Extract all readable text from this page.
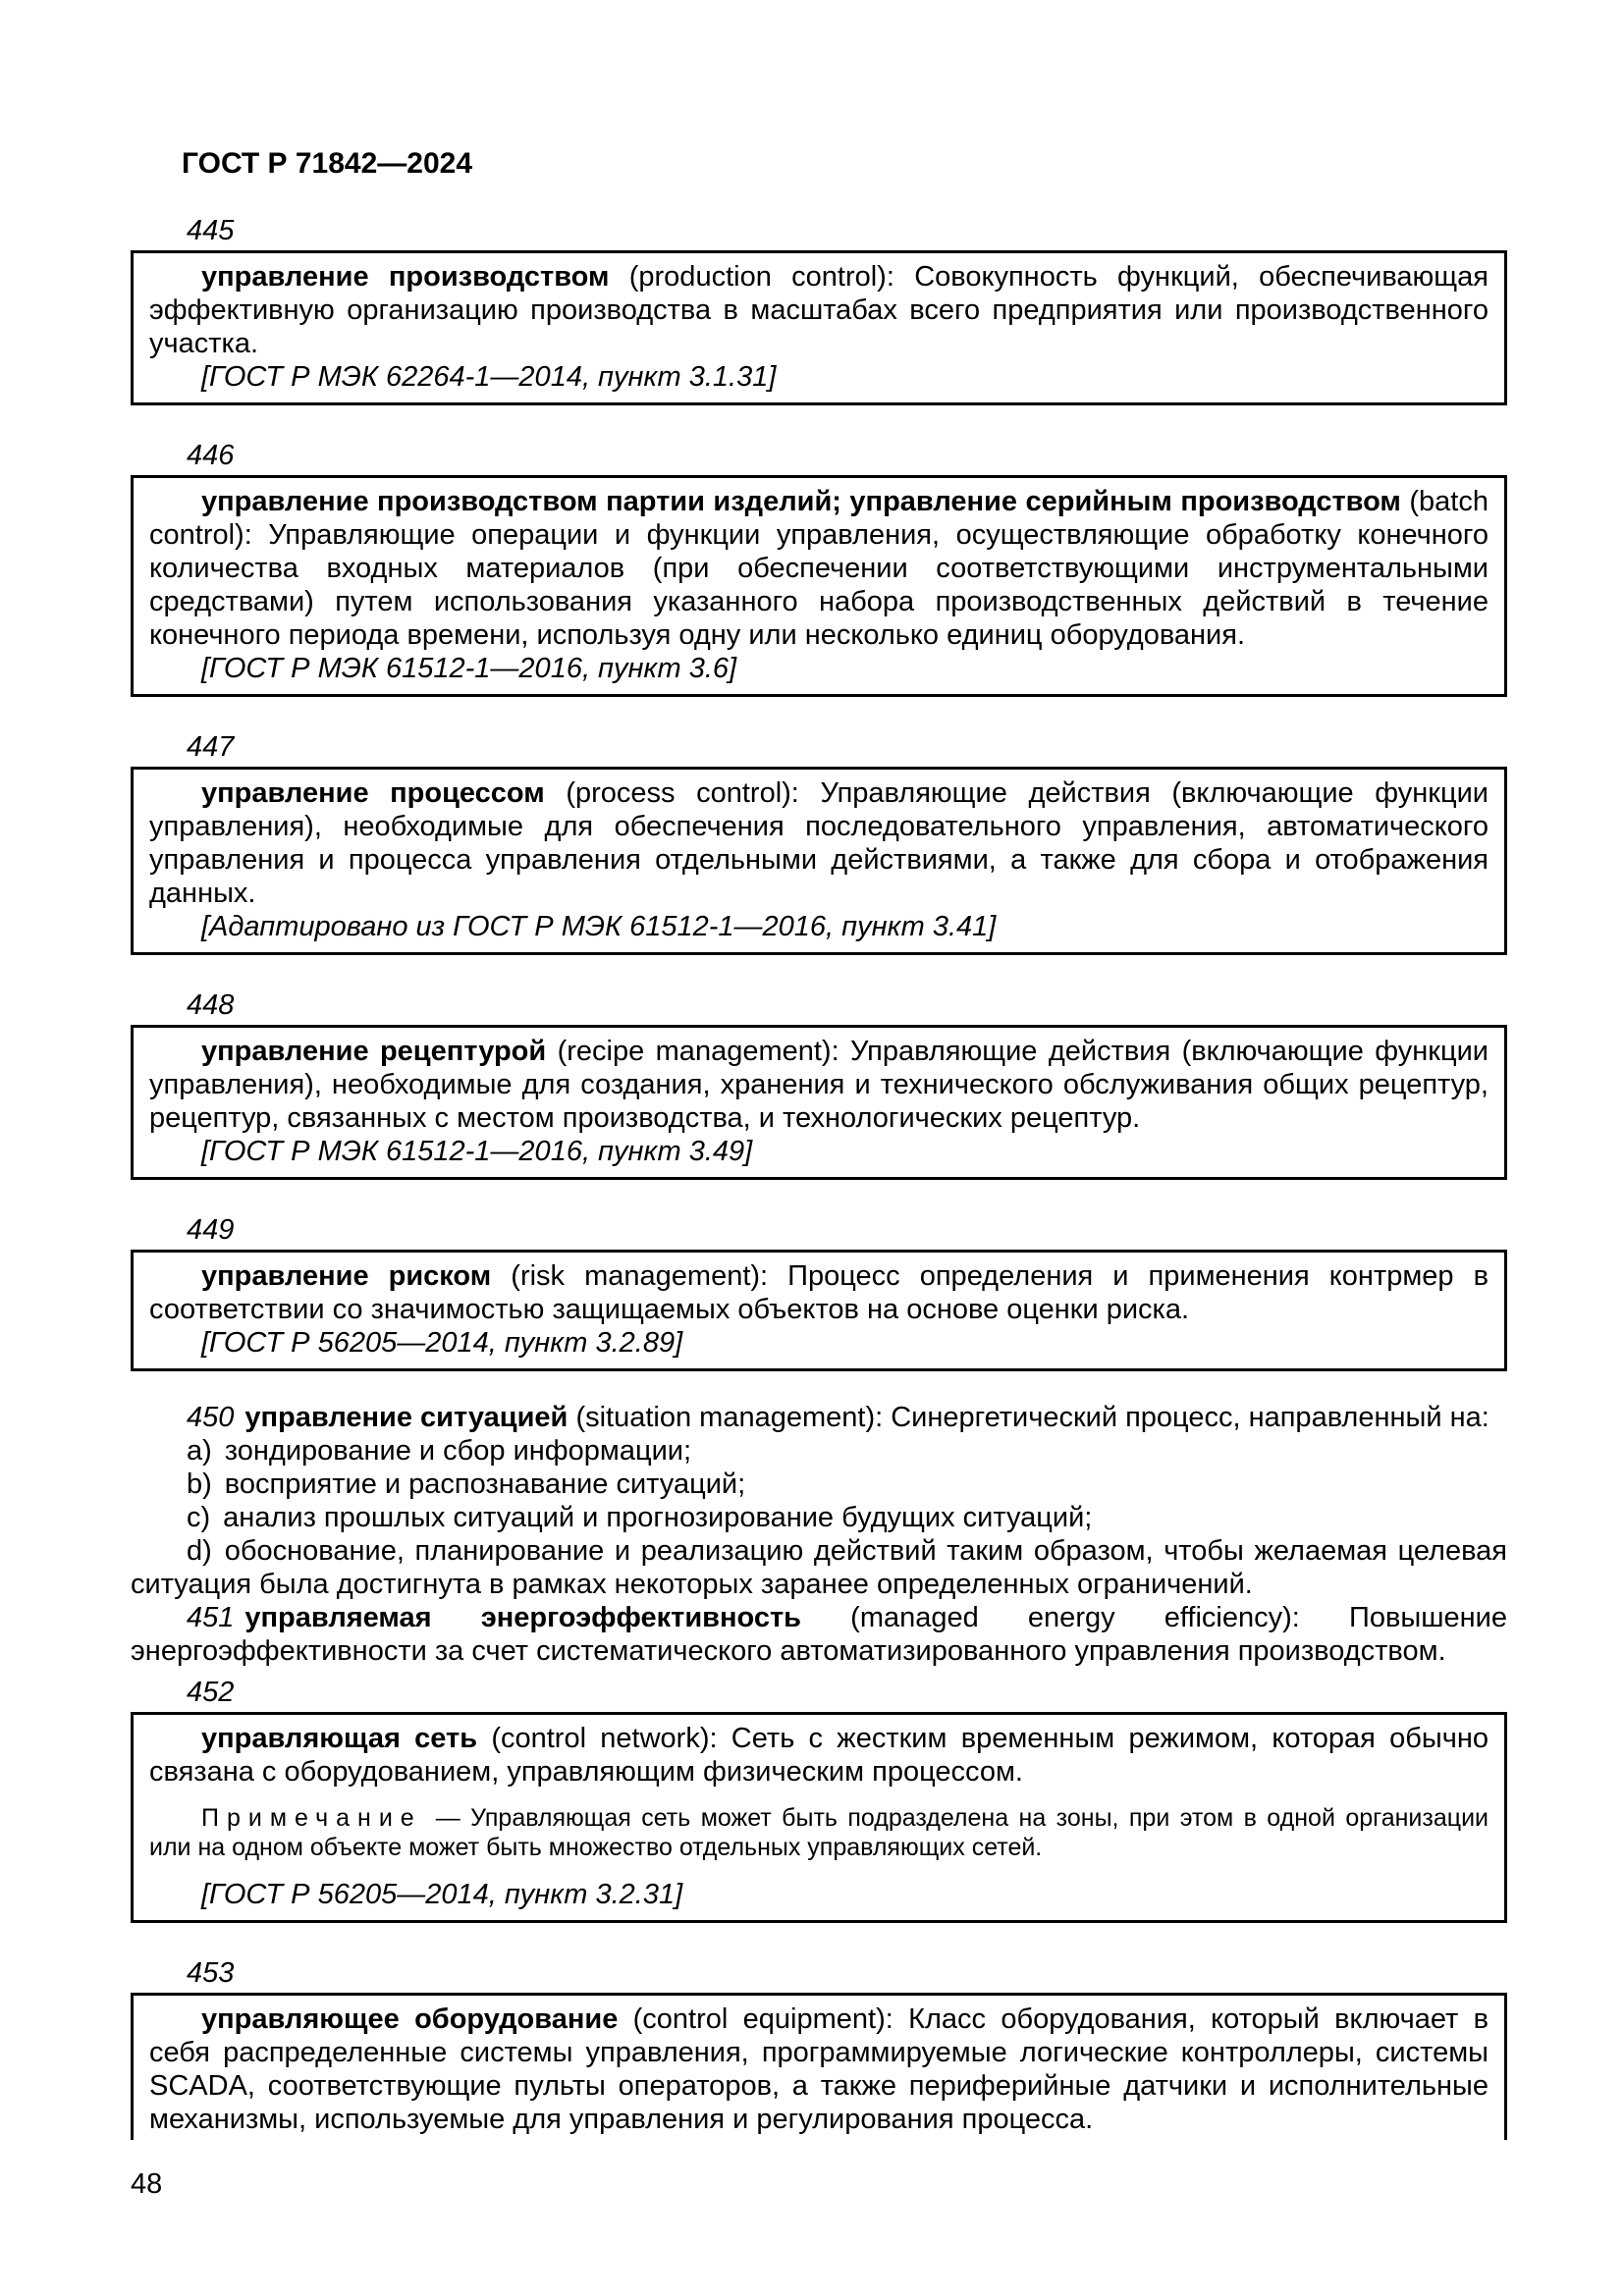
ГОСТ Р 71842—2024
445

управление производством (production control): Совокупность функций, обеспечивающая эффективную организацию производства в масштабах всего предприятия или производственного участка.

[ГОСТ Р МЭК 62264-1—2014, пункт 3.1.31]

446

управление производством партии изделий; управление серийным производством (batch control): Управляющие операции и функции управления, осуществляющие обработку конечного количества входных материалов (при обеспечении соответствующими инструментальными средствами) путем использования указанного набора производственных действий в течение конечного периода времени, используя одну или несколько единиц оборудования.

[ГОСТ Р МЭК 61512-1—2016, пункт 3.6]

447

управление процессом (process control): Управляющие действия (включающие функции управления), необходимые для обеспечения последовательного управления, автоматического управления и процесса управления отдельными действиями, а также для сбора и отображения данных.

[Адаптировано из ГОСТ Р МЭК 61512-1—2016, пункт 3.41]

448

управление рецептурой (recipe management): Управляющие действия (включающие функции управления), необходимые для создания, хранения и технического обслуживания общих рецептур, рецептур, связанных с местом производства, и технологических рецептур.

[ГОСТ Р МЭК 61512-1—2016, пункт 3.49]

449

управление риском (risk management): Процесс определения и применения контрмер в соответствии со значимостью защищаемых объектов на основе оценки риска.

[ГОСТ Р 56205—2014, пункт 3.2.89]

450 управление ситуацией (situation management): Синергетический процесс, направленный на:

a) зондирование и сбор информации;

b) восприятие и распознавание ситуаций;

c) анализ прошлых ситуаций и прогнозирование будущих ситуаций;

d) обоснование, планирование и реализацию действий таким образом, чтобы желаемая целевая ситуация была достигнута в рамках некоторых заранее определенных ограничений.

451 управляемая энергоэффективность (managed energy efficiency): Повышение энергоэффективности за счет систематического автоматизированного управления производством.

452

управляющая сеть (control network): Сеть с жестким временным режимом, которая обычно связана с оборудованием, управляющим физическим процессом.

Примечание — Управляющая сеть может быть подразделена на зоны, при этом в одной организации или на одном объекте может быть множество отдельных управляющих сетей.

[ГОСТ Р 56205—2014, пункт 3.2.31]

453

управляющее оборудование (control equipment): Класс оборудования, который включает в себя распределенные системы управления, программируемые логические контроллеры, системы SCADA, соответствующие пульты операторов, а также периферийные датчики и исполнительные механизмы, используемые для управления и регулирования процесса.

48
